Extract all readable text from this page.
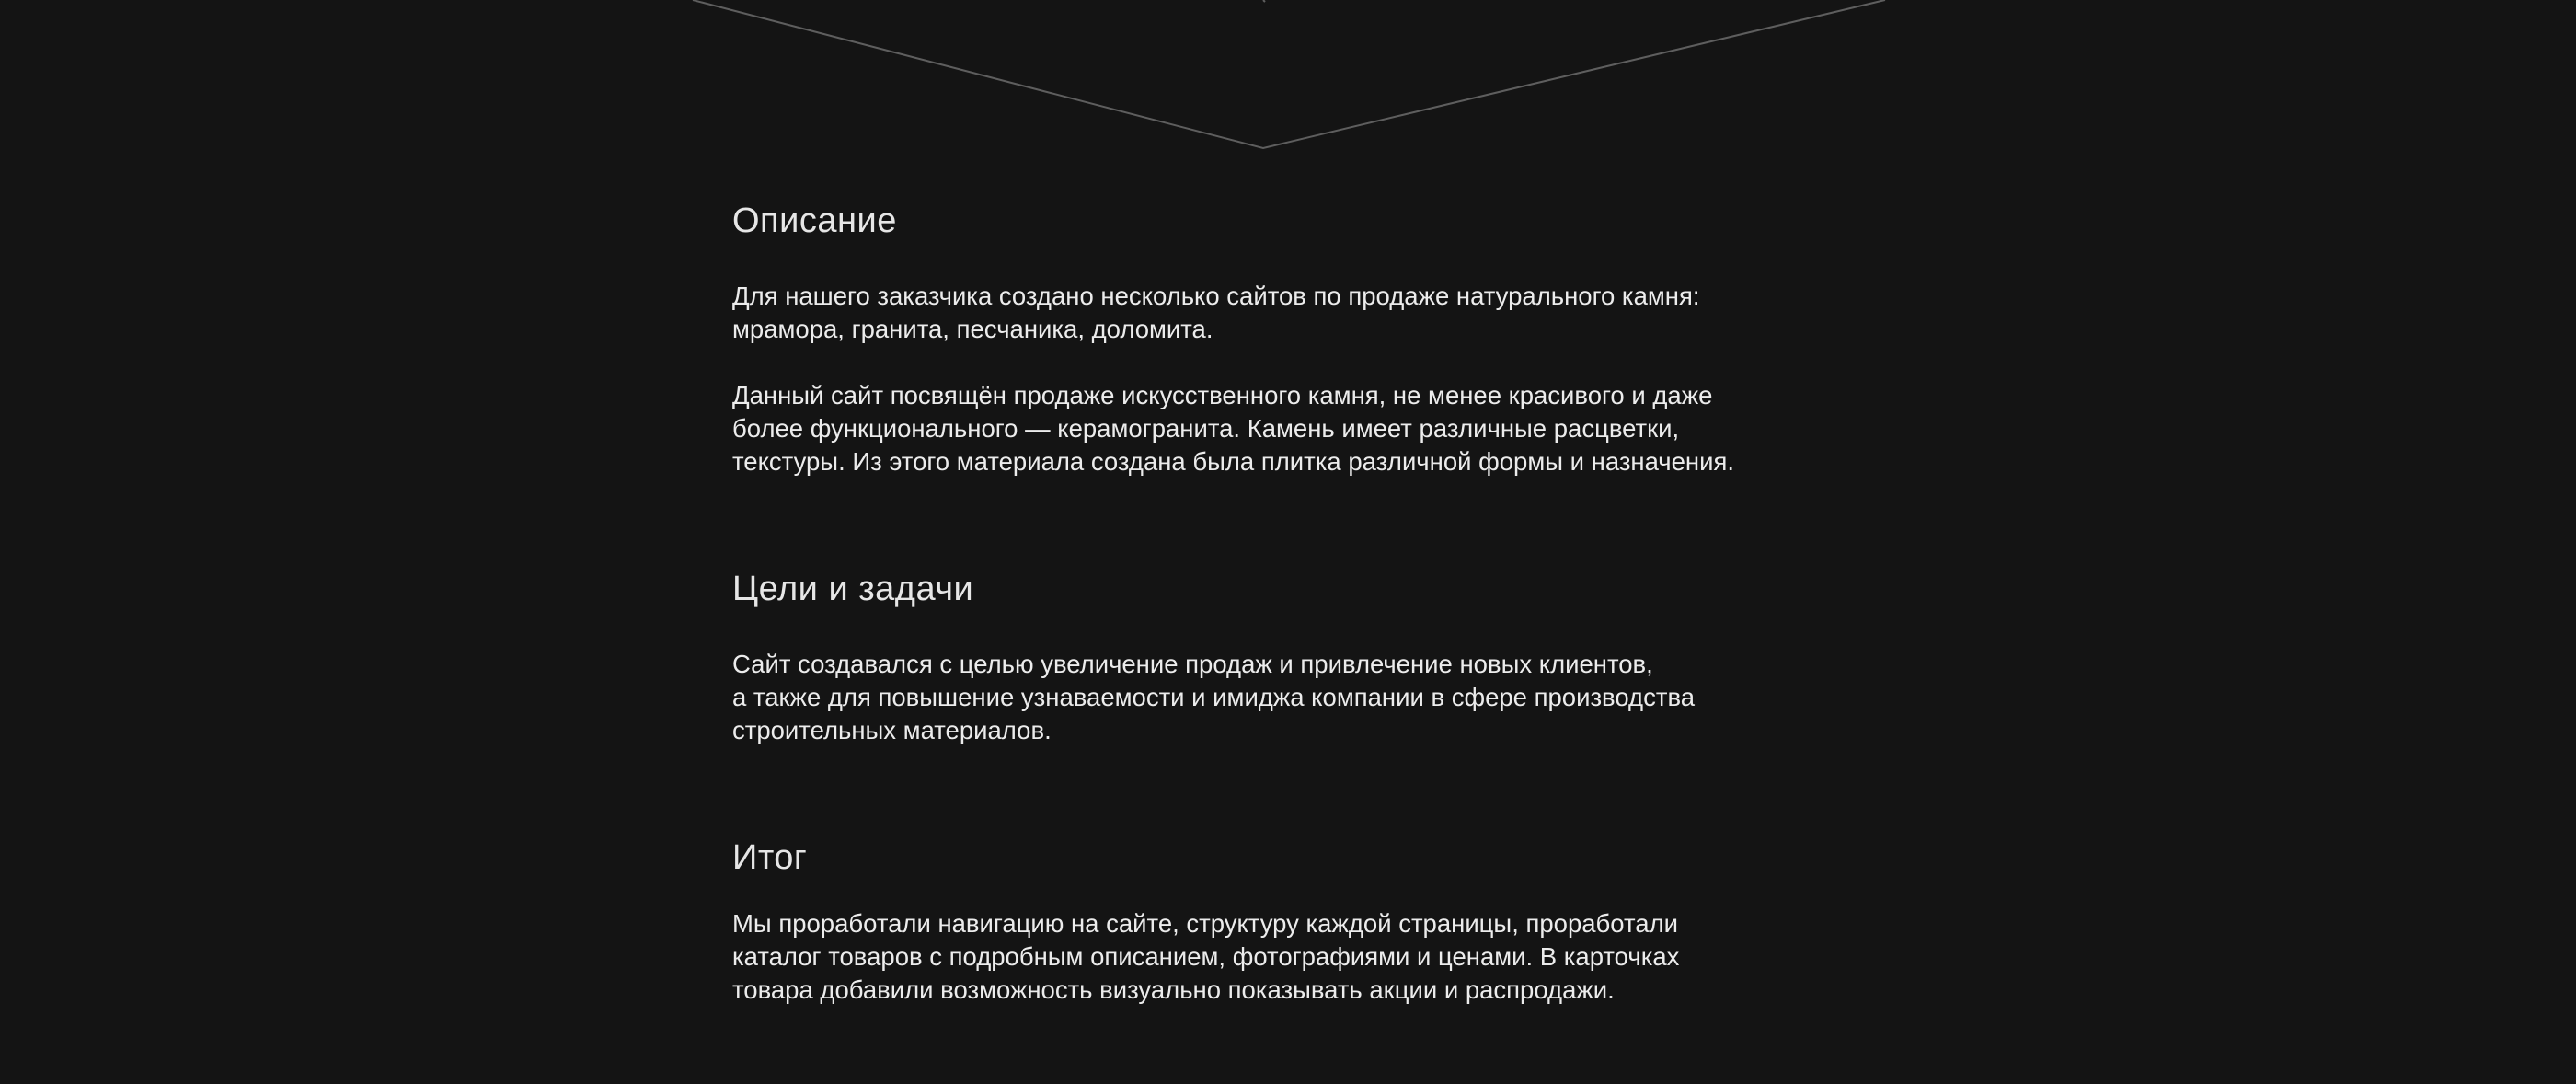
Описание

Для нашего заказчика создано несколько сайтов по продаже натурального камня:
мрамора, гранита, песчаника, доломита.

Данный сайт посвящён продаже искусственного камня, не менее красивого и даже
более функционального — керамогранита. Камень имеет различные расцветки,
текстуры. Из этого материала создана была плитка различной формы и назначения.

Цели и задачи

Сайт создавался с целью увеличение продаж и привлечение новых клиентов,
а также для повышение узнаваемости и имиджа компании в сфере производства
строительных материалов.

Итог

Мы проработали навигацию на сайте, структуру каждой страницы, проработали
каталог товаров с подробным описанием, фотографиями и ценами. В карточках
товара добавили возможность визуально показывать акции и распродажи.
